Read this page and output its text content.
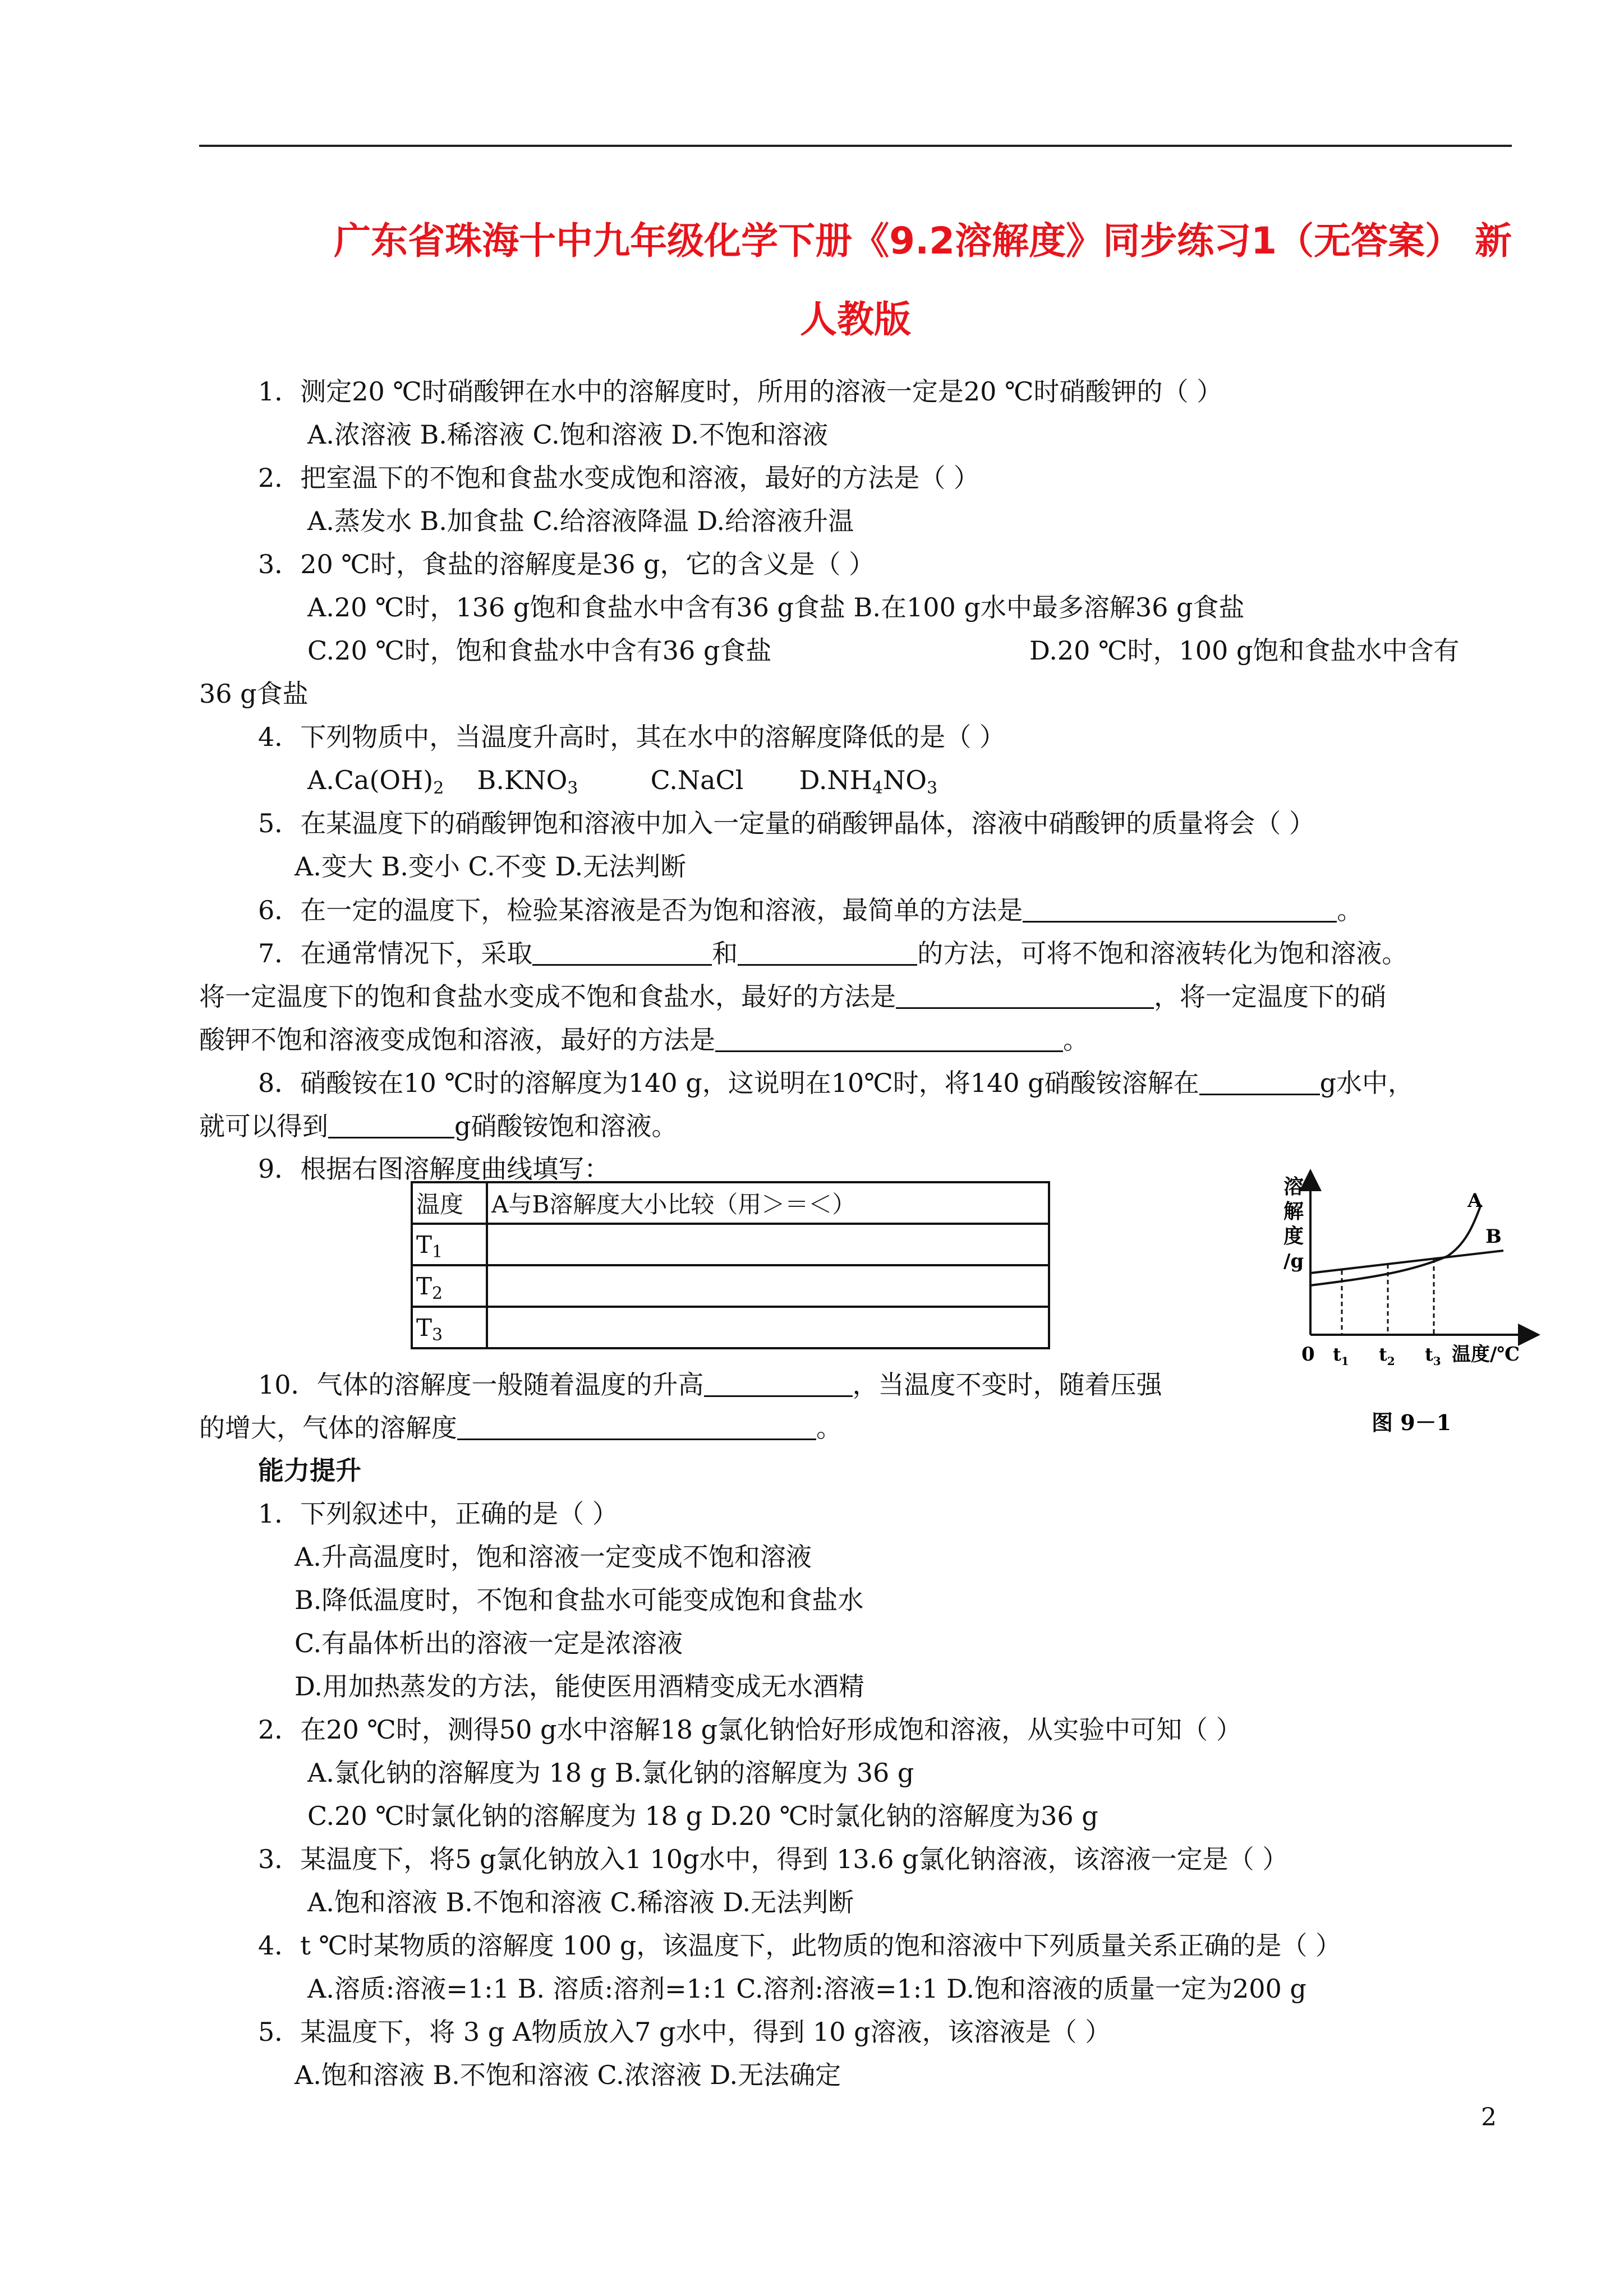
广东省珠海十中九年级化学下册《9.2溶解度》同步练习1（无答案） 新
人教版
1．测定20 ℃时硝酸钾在水中的溶解度时，所用的溶液一定是20 ℃时硝酸钾的（ ）
A.浓溶液 B.稀溶液 C.饱和溶液 D.不饱和溶液
2．把室温下的不饱和食盐水变成饱和溶液，最好的方法是（ ）
A.蒸发水 B.加食盐 C.给溶液降温 D.给溶液升温
3．20 ℃时，食盐的溶解度是36 g，它的含义是（ ）
A.20 ℃时，136 g饱和食盐水中含有36 g食盐 B.在100 g水中最多溶解36 g食盐
C.20 ℃时，饱和食盐水中含有36 g食盐	D.20 ℃时，100 g饱和食盐水中含有
36 g食盐
4．下列物质中，当温度升高时，其在水中的溶解度降低的是（ ）
$A.Ca(OH)_2$ $B.KNO_3$	C.NaCl $D.NH_4NO_3$
5．在某温度下的硝酸钾饱和溶液中加入一定量的硝酸钾晶体，溶液中硝酸钾的质量将会（ ）
A.变大 B.变小 C.不变 D.无法判断
6．在一定的温度下，检验某溶液是否为饱和溶液，最简单的方法是	。
7．在通常情况下，采取	和	的方法，可将不饱和溶液转化为饱和溶液。
将一定温度下的饱和食盐水变成不饱和食盐水，最好的方法是	，将一定温度下的硝
酸钾不饱和溶液变成饱和溶液，最好的方法是	。
8．硝酸铵在10 ℃时的溶解度为140 g，这说明在10℃时，将140 g硝酸铵溶解在	g水中，
就可以得到	g硝酸铵饱和溶液。
9．根据右图溶解度曲线填写：
温度	A与B溶解度大小比较（用＞＝＜）
$T_1$	
$T_2$	
$T_3$	
溶
解
度
/g
A
B
0 $t_1$ $t_2$ $t_3$ 温度/℃
图 9－1
10．气体的溶解度一般随着温度的升高	，当温度不变时，随着压强
的增大，气体的溶解度	。
能力提升
1．下列叙述中，正确的是（ ）
A.升高温度时，饱和溶液一定变成不饱和溶液
B.降低温度时，不饱和食盐水可能变成饱和食盐水
C.有晶体析出的溶液一定是浓溶液
D.用加热蒸发的方法，能使医用酒精变成无水酒精
2．在20 ℃时，测得50 g水中溶解18 g氯化钠恰好形成饱和溶液，从实验中可知（ ）
A.氯化钠的溶解度为 18 g B.氯化钠的溶解度为 36 g
C.20 ℃时氯化钠的溶解度为 18 g D.20 ℃时氯化钠的溶解度为36 g
3．某温度下，将5 g氯化钠放入1 10g水中，得到 13.6 g氯化钠溶液，该溶液一定是（ ）
A.饱和溶液 B.不饱和溶液 C.稀溶液 D.无法判断
4．t ℃时某物质的溶解度 100 g，该温度下，此物质的饱和溶液中下列质量关系正确的是（ ）
A.溶质:溶液=1:1 B. 溶质:溶剂=1:1 C.溶剂:溶液=1:1 D.饱和溶液的质量一定为200 g
5．某温度下，将 3 g A物质放入7 g水中，得到 10 g溶液，该溶液是（ ）
A.饱和溶液 B.不饱和溶液 C.浓溶液 D.无法确定
2
